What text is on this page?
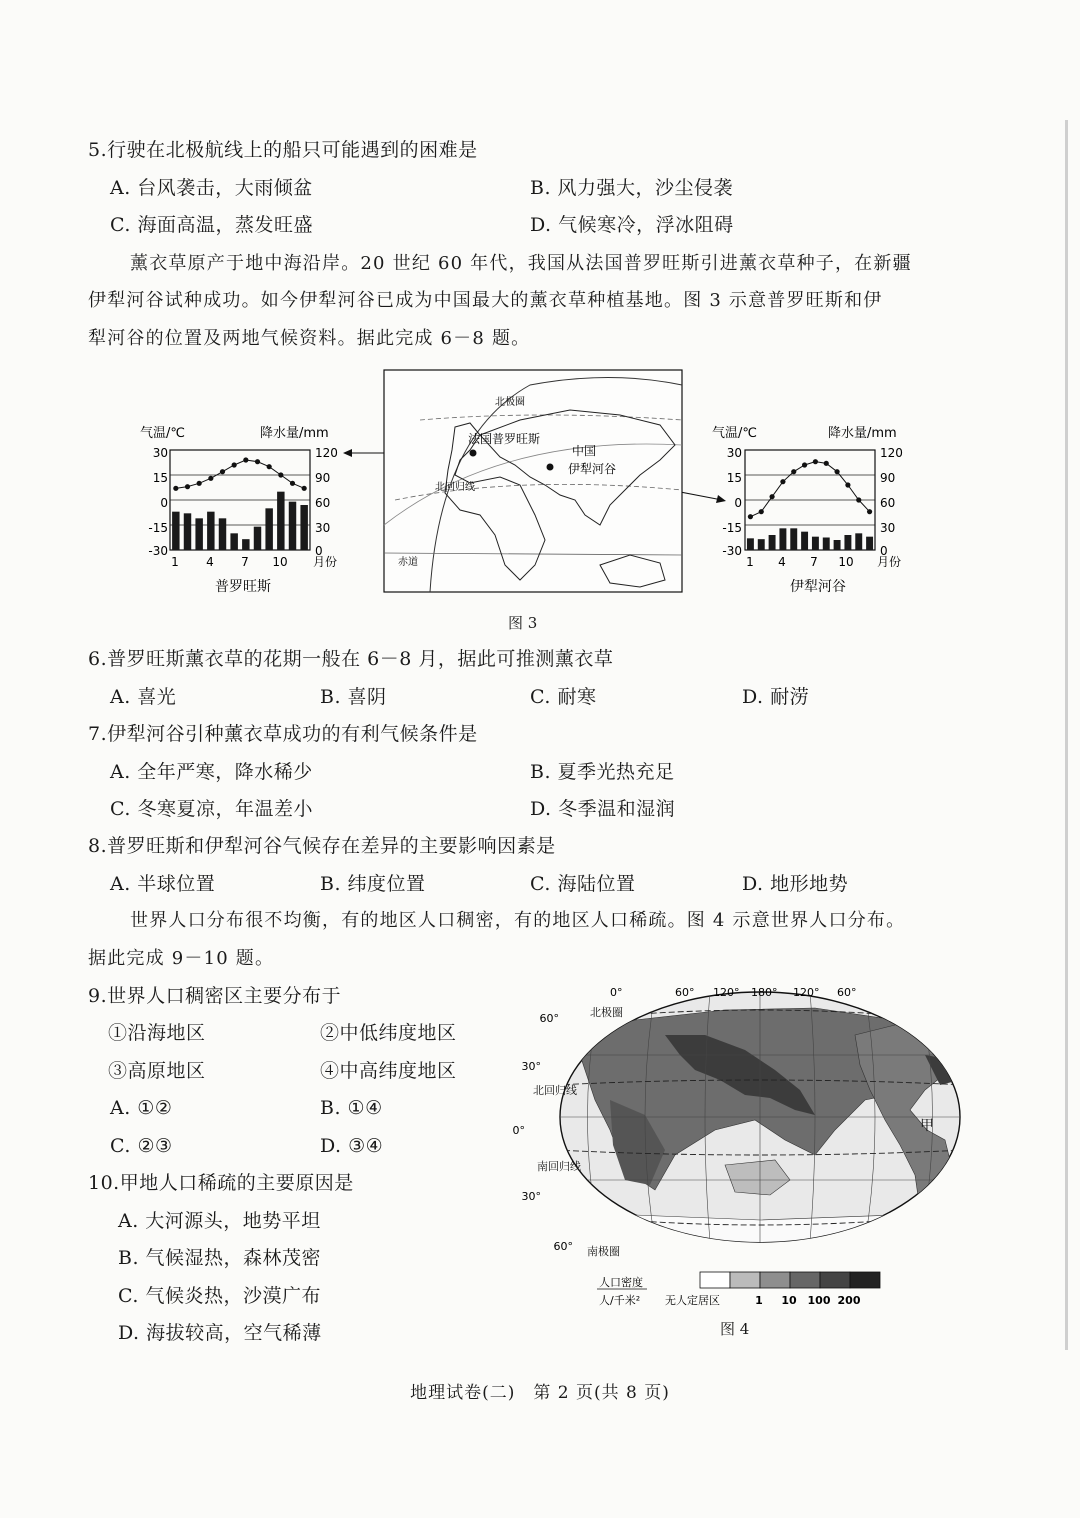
5.行驶在北极航线上的船只可能遇到的困难是
A. 台风袭击，大雨倾盆	B. 风力强大，沙尘侵袭
C. 海面高温，蒸发旺盛	D. 气候寒冷，浮冰阻碍
薰衣草原产于地中海沿岸。20 世纪 60 年代，我国从法国普罗旺斯引进薰衣草种子，在新疆
伊犁河谷试种成功。如今伊犁河谷已成为中国最大的薰衣草种植基地。图 3 示意普罗旺斯和伊
犁河谷的位置及两地气候资料。据此完成 6－8 题。
气温/℃	降水量/mm
30
15
0
-15
-30
120
90
60
30
0
1 4 7 10 月份
普罗旺斯
北极圈
法国普罗旺斯
中国
伊犁河谷
北回归线
赤道
气温/℃	降水量/mm
30
15
0
-15
-30
120
90
60
30
0
1 4 7 10 月份
伊犁河谷
图 3
6.普罗旺斯薰衣草的花期一般在 6－8 月，据此可推测薰衣草
A. 喜光	B. 喜阴	C. 耐寒	D. 耐涝
7.伊犁河谷引种薰衣草成功的有利气候条件是
A. 全年严寒，降水稀少	B. 夏季光热充足
C. 冬寒夏凉，年温差小	D. 冬季温和湿润
8.普罗旺斯和伊犁河谷气候存在差异的主要影响因素是
A. 半球位置	B. 纬度位置	C. 海陆位置	D. 地形地势
世界人口分布很不均衡，有的地区人口稠密，有的地区人口稀疏。图 4 示意世界人口分布。
据此完成 9－10 题。
9.世界人口稠密区主要分布于
①沿海地区	②中低纬度地区
③高原地区	④中高纬度地区
A. ①②	B. ①④
C. ②③	D. ③④
10.甲地人口稀疏的主要原因是
A. 大河源头，地势平坦
B. 气候湿热，森林茂密
C. 气候炎热，沙漠广布
D. 海拔较高，空气稀薄
0°	60° 120° 180° 120° 60°
60°
30°
0°
30°
60°
北极圈
北回归线
南回归线
南极圈
甲
人口密度
人/千米² 无人定居区	1 10 100 200
图 4
地理试卷(二)　第 2 页(共 8 页)
